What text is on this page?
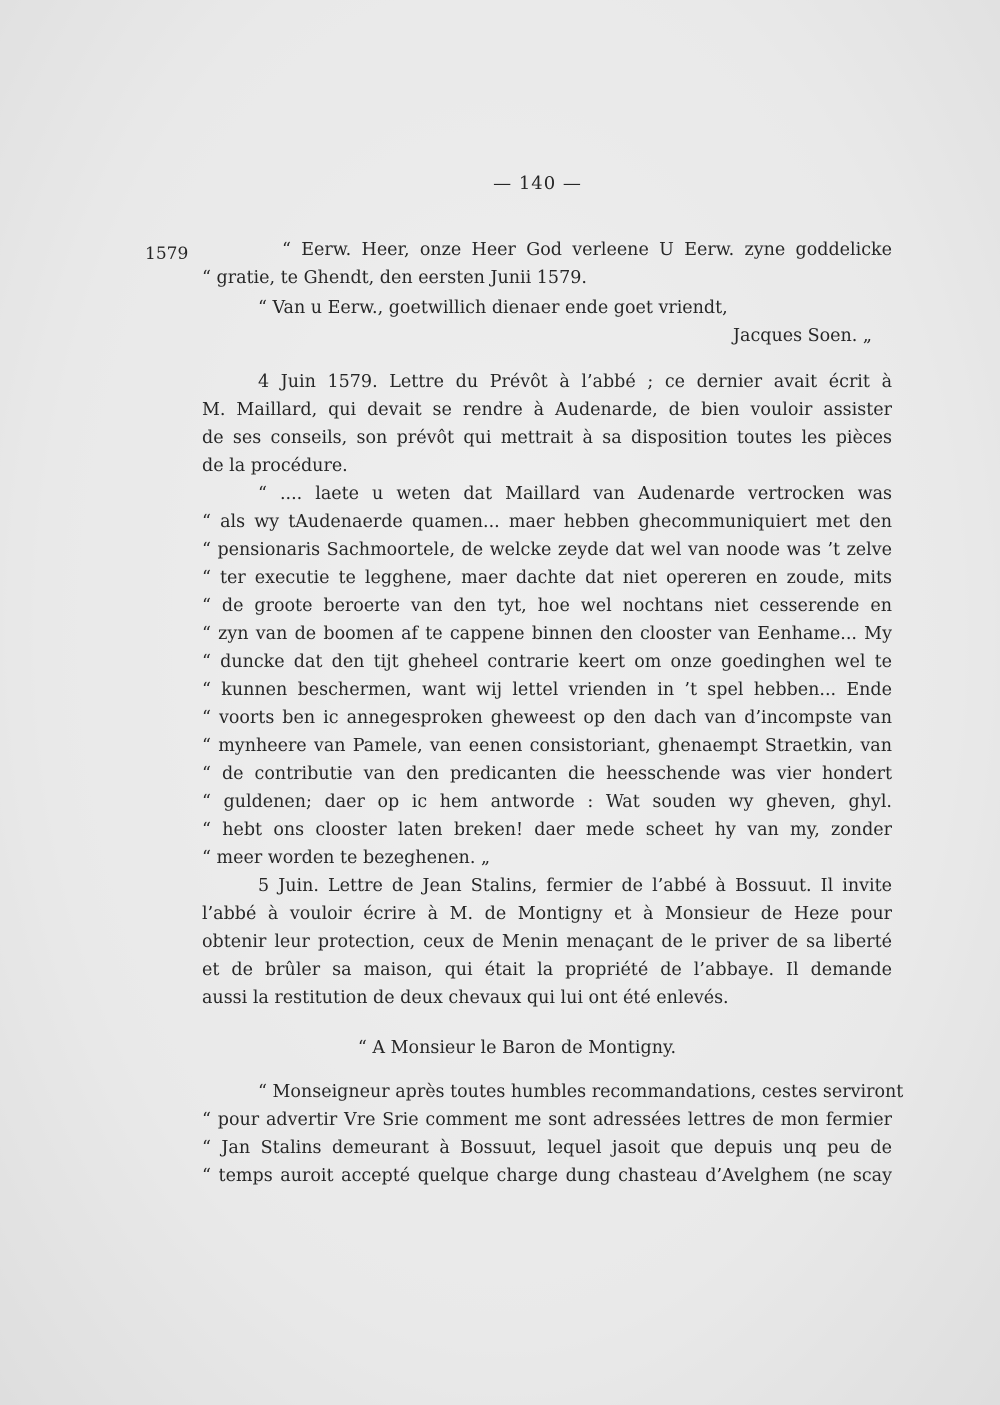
— 140 —
1579	“ Eerw. Heer, onze Heer God verleene U Eerw. zyne goddelicke
“ gratie, te Ghendt, den eersten Junii 1579.
“ Van u Eerw., goetwillich dienaer ende goet vriendt,
Jacques Soen. „
4 Juin 1579. Lettre du Prévôt à l’abbé ; ce dernier avait écrit à
M. Maillard, qui devait se rendre à Audenarde, de bien vouloir assister
de ses conseils, son prévôt qui mettrait à sa disposition toutes les pièces
de la procédure.
“ .... laete u weten dat Maillard van Audenarde vertrocken was
“ als wy tAudenaerde quamen... maer hebben ghecommuniquiert met den
“ pensionaris Sachmoortele, de welcke zeyde dat wel van noode was ’t zelve
“ ter executie te legghene, maer dachte dat niet opereren en zoude, mits
“ de groote beroerte van den tyt, hoe wel nochtans niet cesserende en
“ zyn van de boomen af te cappene binnen den clooster van Eenhame... My
“ duncke dat den tijt gheheel contrarie keert om onze goedinghen wel te
“ kunnen beschermen, want wij lettel vrienden in ’t spel hebben... Ende
“ voorts ben ic annegesproken gheweest op den dach van d’incompste van
“ mynheere van Pamele, van eenen consistoriant, ghenaempt Straetkin, van
“ de contributie van den predicanten die heesschende was vier hondert
“ guldenen; daer op ic hem antworde : Wat souden wy gheven, ghyl.
“ hebt ons clooster laten breken! daer mede scheet hy van my, zonder
“ meer worden te bezeghenen. „
5 Juin. Lettre de Jean Stalins, fermier de l’abbé à Bossuut. Il invite
l’abbé à vouloir écrire à M. de Montigny et à Monsieur de Heze pour
obtenir leur protection, ceux de Menin menaçant de le priver de sa liberté
et de brûler sa maison, qui était la propriété de l’abbaye. Il demande
aussi la restitution de deux chevaux qui lui ont été enlevés.
“ A Monsieur le Baron de Montigny.
“ Monseigneur après toutes humbles recommandations, cestes serviront
“ pour advertir Vre Srie comment me sont adressées lettres de mon fermier
“ Jan Stalins demeurant à Bossuut, lequel jasoit que depuis unq peu de
“ temps auroit accepté quelque charge dung chasteau d’Avelghem (ne scay
